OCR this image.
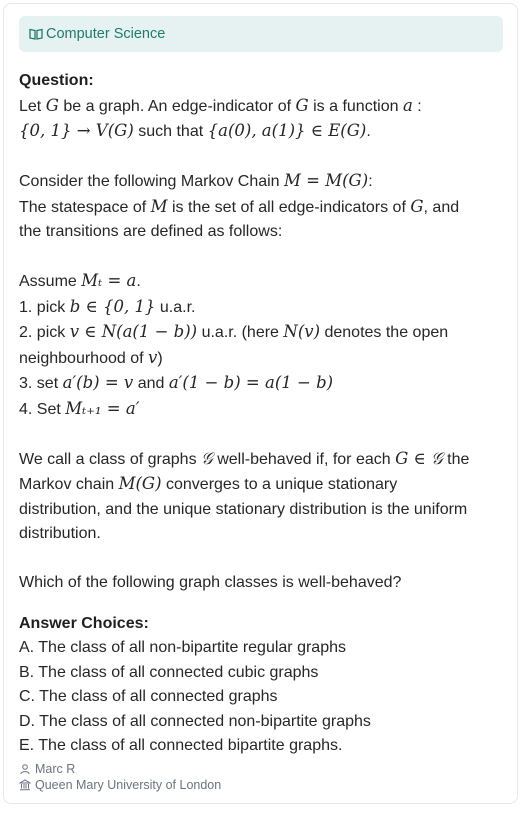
Computer Science

Question:

Let G be a graph. An edge-indicator of G is a function a :

{0, 1} → V(G) such that {a(0), a(1)} ∈ E(G).

Consider the following Markov Chain M = M(G):

The statespace of M is the set of all edge-indicators of G, and

the transitions are defined as follows:

Assume Mₜ = a.

1. pick b ∈ {0, 1} u.a.r.

2. pick v ∈ N(a(1 − b)) u.a.r. (here N(v) denotes the open

neighbourhood of v)

3. set a′(b) = v and a′(1 − b) = a(1 − b)

4. Set Mₜ₊₁ = a′

We call a class of graphs 𝒢 well-behaved if, for each G ∈ 𝒢 the

Markov chain M(G) converges to a unique stationary

distribution, and the unique stationary distribution is the uniform

distribution.

Which of the following graph classes is well-behaved?

Answer Choices:

A. The class of all non-bipartite regular graphs

B. The class of all connected cubic graphs

C. The class of all connected graphs

D. The class of all connected non-bipartite graphs

E. The class of all connected bipartite graphs.

Marc R
Queen Mary University of London
